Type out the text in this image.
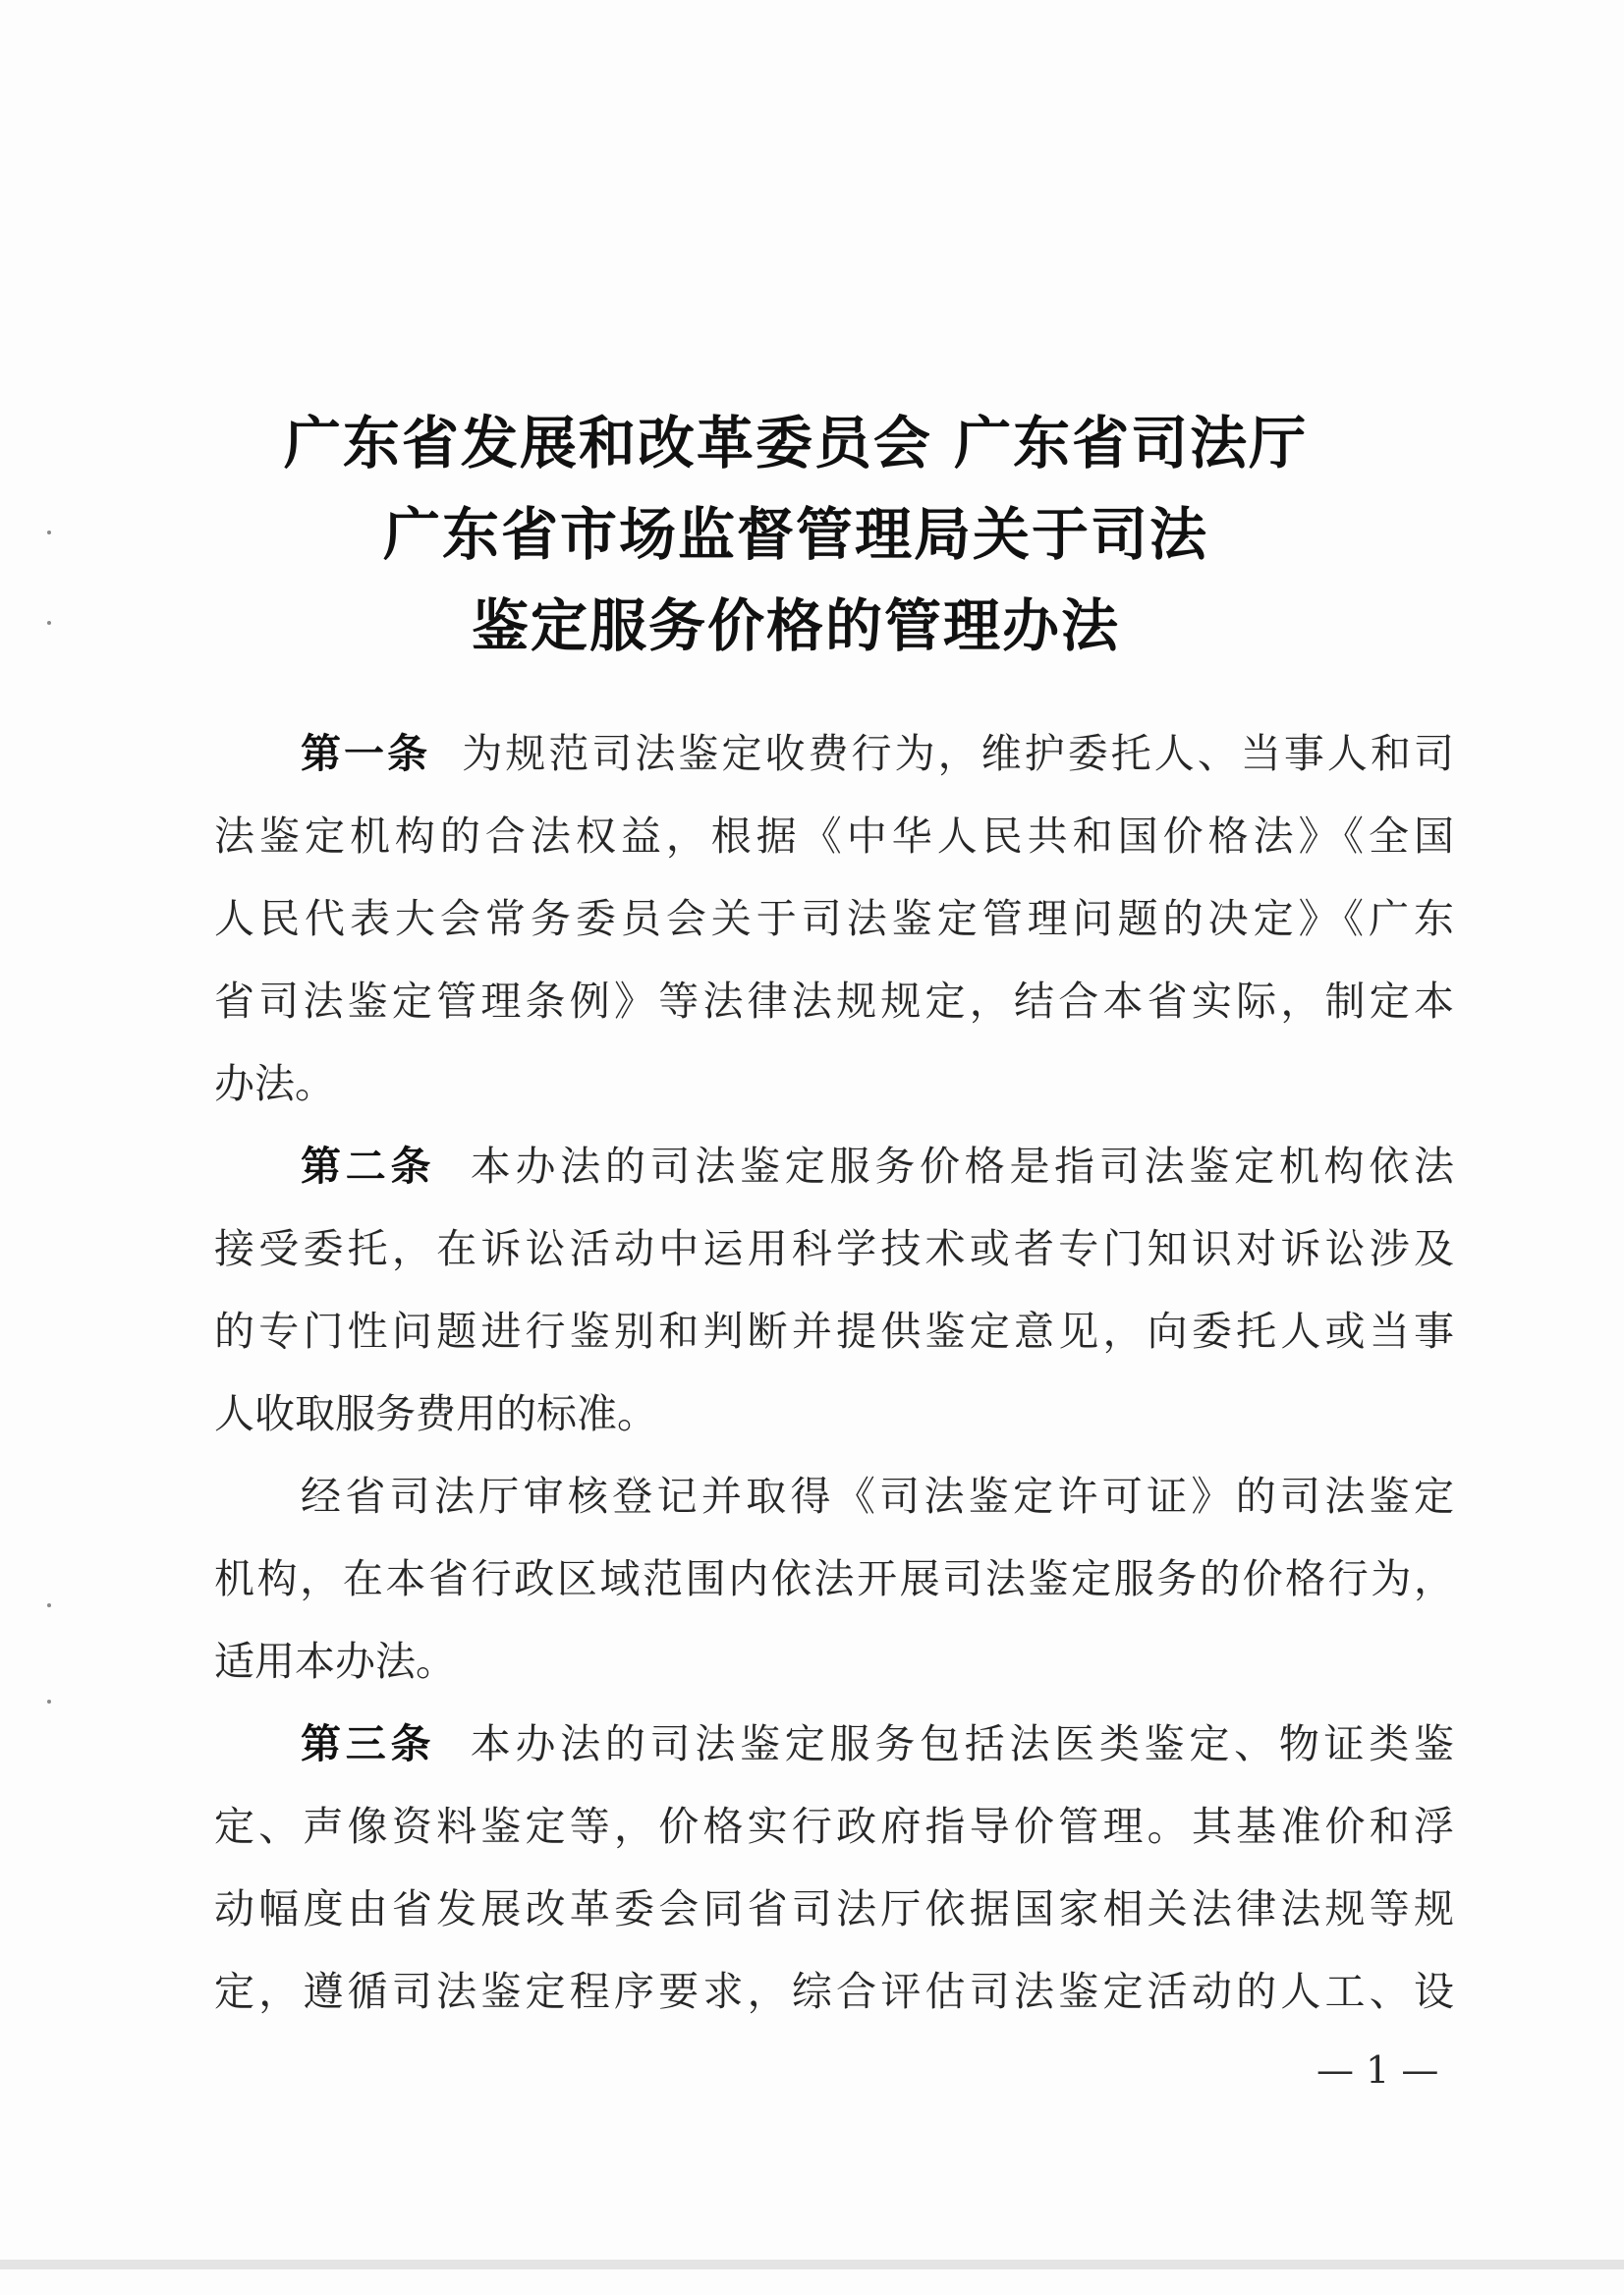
广东省发展和改革委员会 广东省司法厅
广东省市场监督管理局关于司法
鉴定服务价格的管理办法
第一条 为规范司法鉴定收费行为，维护委托人、当事人和司
法鉴定机构的合法权益，根据《中华人民共和国价格法》《全国
人民代表大会常务委员会关于司法鉴定管理问题的决定》《广东
省司法鉴定管理条例》等法律法规规定，结合本省实际，制定本
办法。
第二条 本办法的司法鉴定服务价格是指司法鉴定机构依法
接受委托，在诉讼活动中运用科学技术或者专门知识对诉讼涉及
的专门性问题进行鉴别和判断并提供鉴定意见，向委托人或当事
人收取服务费用的标准。
经省司法厅审核登记并取得《司法鉴定许可证》的司法鉴定
机构，在本省行政区域范围内依法开展司法鉴定服务的价格行为，
适用本办法。
第三条 本办法的司法鉴定服务包括法医类鉴定、物证类鉴
定、声像资料鉴定等，价格实行政府指导价管理。其基准价和浮
动幅度由省发展改革委会同省司法厅依据国家相关法律法规等规
定，遵循司法鉴定程序要求，综合评估司法鉴定活动的人工、设
— 1 —
